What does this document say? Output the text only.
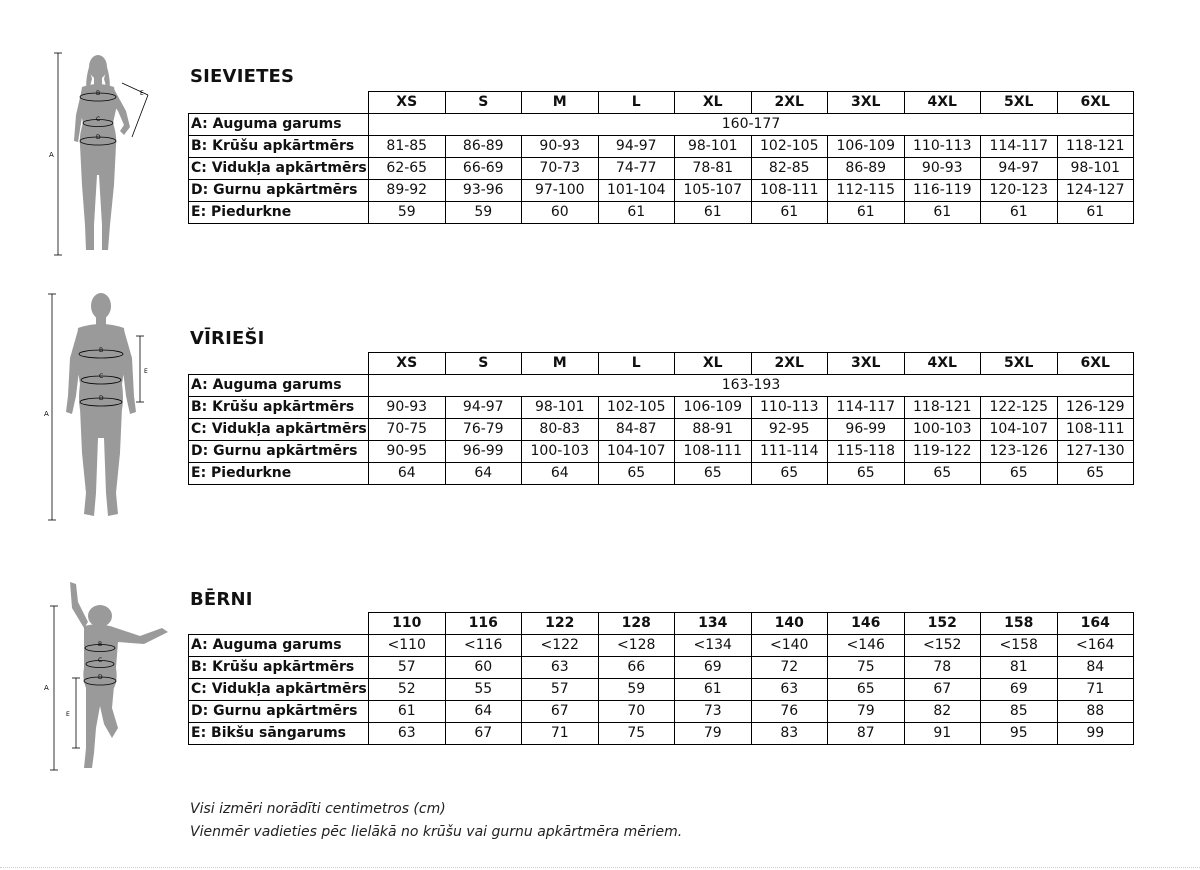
A
B
C
D
E
SIEVIETES
	XS	S	M	L	XL	2XL	3XL	4XL	5XL	6XL
A: Auguma garums	160-177									
B: Krūšu apkārtmērs	81-85	86-89	90-93	94-97	98-101	102-105	106-109	110-113	114-117	118-121
C: Vidukļa apkārtmērs	62-65	66-69	70-73	74-77	78-81	82-85	86-89	90-93	94-97	98-101
D: Gurnu apkārtmērs	89-92	93-96	97-100	101-104	105-107	108-111	112-115	116-119	120-123	124-127
E: Piedurkne	59	59	60	61	61	61	61	61	61	61
A
B
C
D
E
VĪRIEŠI
	XS	S	M	L	XL	2XL	3XL	4XL	5XL	6XL
A: Auguma garums	163-193									
B: Krūšu apkārtmērs	90-93	94-97	98-101	102-105	106-109	110-113	114-117	118-121	122-125	126-129
C: Vidukļa apkārtmērs	70-75	76-79	80-83	84-87	88-91	92-95	96-99	100-103	104-107	108-111
D: Gurnu apkārtmērs	90-95	96-99	100-103	104-107	108-111	111-114	115-118	119-122	123-126	127-130
E: Piedurkne	64	64	64	65	65	65	65	65	65	65
A
E
B
C
D
BĒRNI
	110	116	122	128	134	140	146	152	158	164
A: Auguma garums	<110	<116	<122	<128	<134	<140	<146	<152	<158	<164
B: Krūšu apkārtmērs	57	60	63	66	69	72	75	78	81	84
C: Vidukļa apkārtmērs	52	55	57	59	61	63	65	67	69	71
D: Gurnu apkārtmērs	61	64	67	70	73	76	79	82	85	88
E: Bikšu sāngarums	63	67	71	75	79	83	87	91	95	99
Visi izmēri norādīti centimetros (cm)
Vienmēr vadieties pēc lielākā no krūšu vai gurnu apkārtmēra mēriem.
